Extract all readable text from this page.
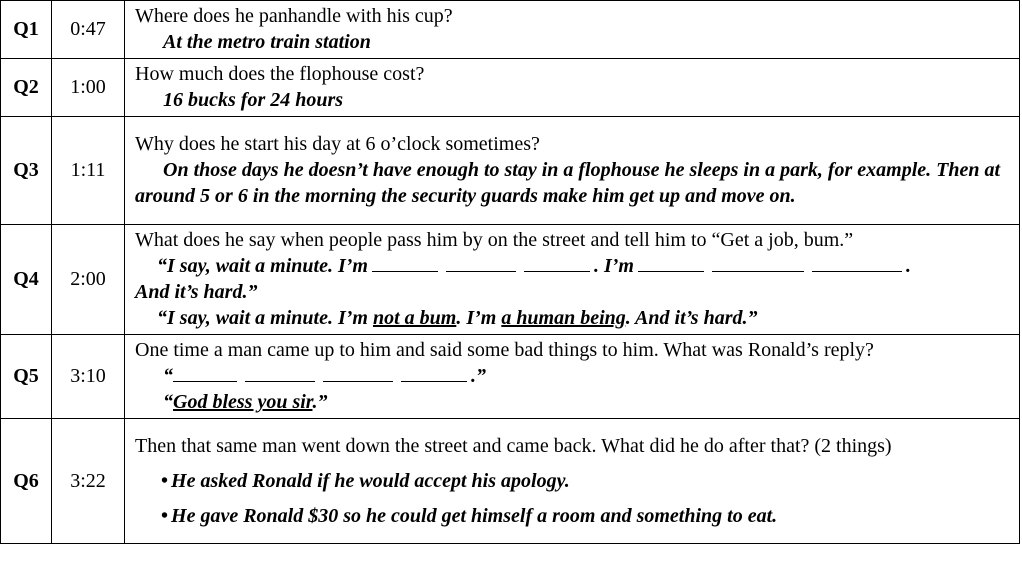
Q1	0:47	Where does he panhandle with his cup?
At the metro train station

Q2	1:00	How much does the flophouse cost?
16 bucks for 24 hours

Q3	1:11	Why does he start his day at 6 o’clock sometimes?
On those days he doesn’t have enough to stay in a flophouse he sleeps in a park, for example. Then at around 5 or 6 in the morning the security guards make him get up and move on.

Q4	2:00	What does he say when people pass him by on the street and tell him to “Get a job, bum.”
“I say, wait a minute. I’m . I’m .
And it’s hard.”
“I say, wait a minute. I’m not a bum. I’m a human being. And it’s hard.”

Q5	3:10	One time a man came up to him and said some bad things to him. What was Ronald’s reply?
“ .”
“God bless you sir.”

Q6	3:22	Then that same man went down the street and came back. What did he do after that? (2 things)
• He asked Ronald if he would accept his apology.
• He gave Ronald $30 so he could get himself a room and something to eat.
